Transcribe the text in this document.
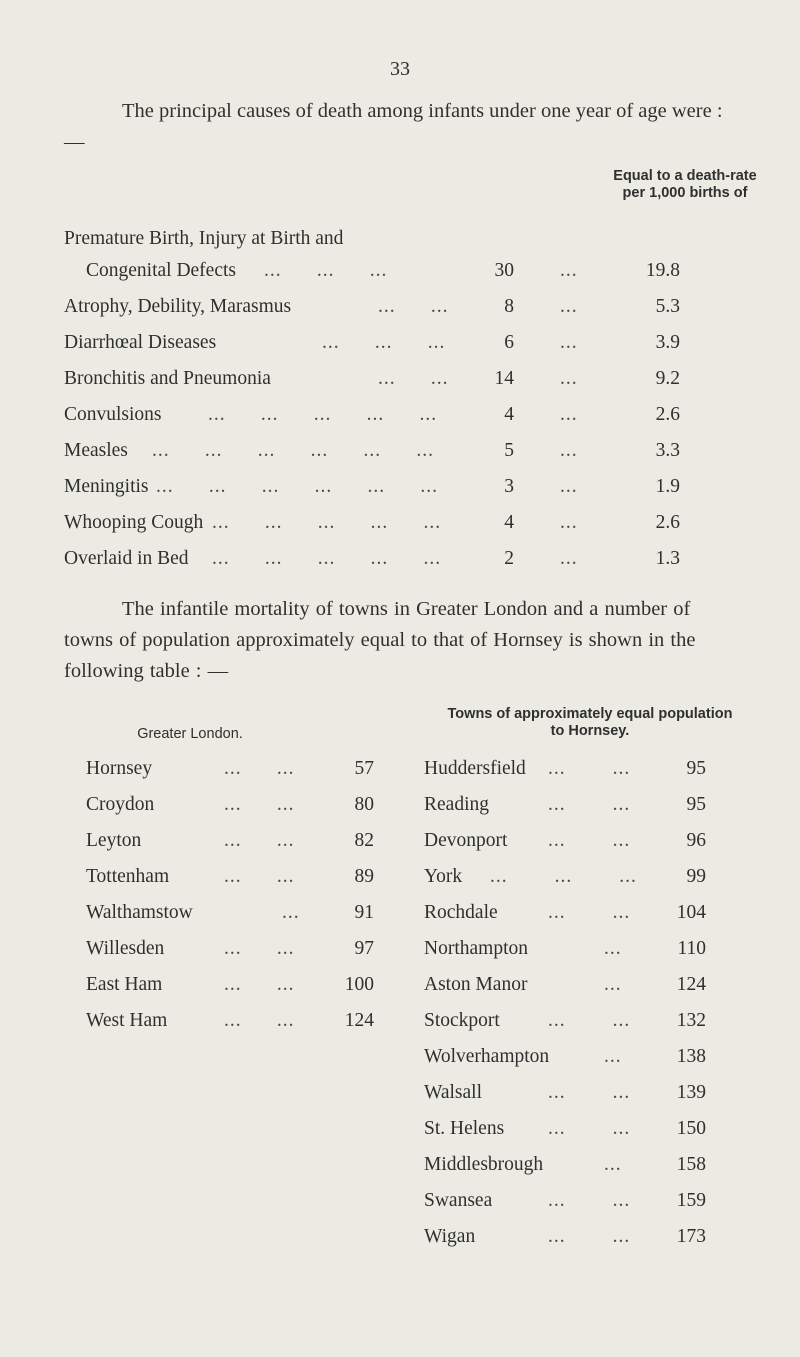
33
The principal causes of death among infants under one year of age were : —
Equal to a death-rate per 1,000 births of
Premature Birth, Injury at Birth and
Congenital Defects ...      ...      ...	30 ...	19.8
Atrophy, Debility, Marasmus	...      ...	8 ...	5.3
Diarrhœal Diseases	...      ...      ...	6 ...	3.9
Bronchitis and Pneumonia	...      ...	14 ...	9.2
Convulsions ...      ...      ...      ...      ...	4 ...	2.6
Measles ...      ...      ...      ...      ...      ...	5 ...	3.3
Meningitis ...      ...      ...      ...      ...      ...	3 ...	1.9
Whooping Cough ...      ...      ...      ...      ...	4 ...	2.6
Overlaid in Bed ...      ...      ...      ...      ...	2 ...	1.3
The infantile mortality of towns in Greater London and a number of towns of population approximately equal to that of Hornsey is shown in the following table : —
Towns of approximately equal population to Hornsey.
Greater London.
Hornsey	...      ...	57
Croydon	...      ...	80
Leyton	...      ...	82
Tottenham	...      ...	89
Walthamstow	...	91
Willesden	...      ...	97
East Ham	...      ...	100
West Ham	...      ...	124
Huddersfield ...        ...	95
Reading	...        ...	95
Devonport ...        ...	96
York ...        ...        ...	99
Rochdale	...        ...	104
Northampton	...	110
Aston Manor	...	124
Stockport ...        ...	132
Wolverhampton	...	138
Walsall	...        ...	139
St. Helens ...        ...	150
Middlesbrough	...	158
Swansea	...        ...	159
Wigan	...        ...	173
